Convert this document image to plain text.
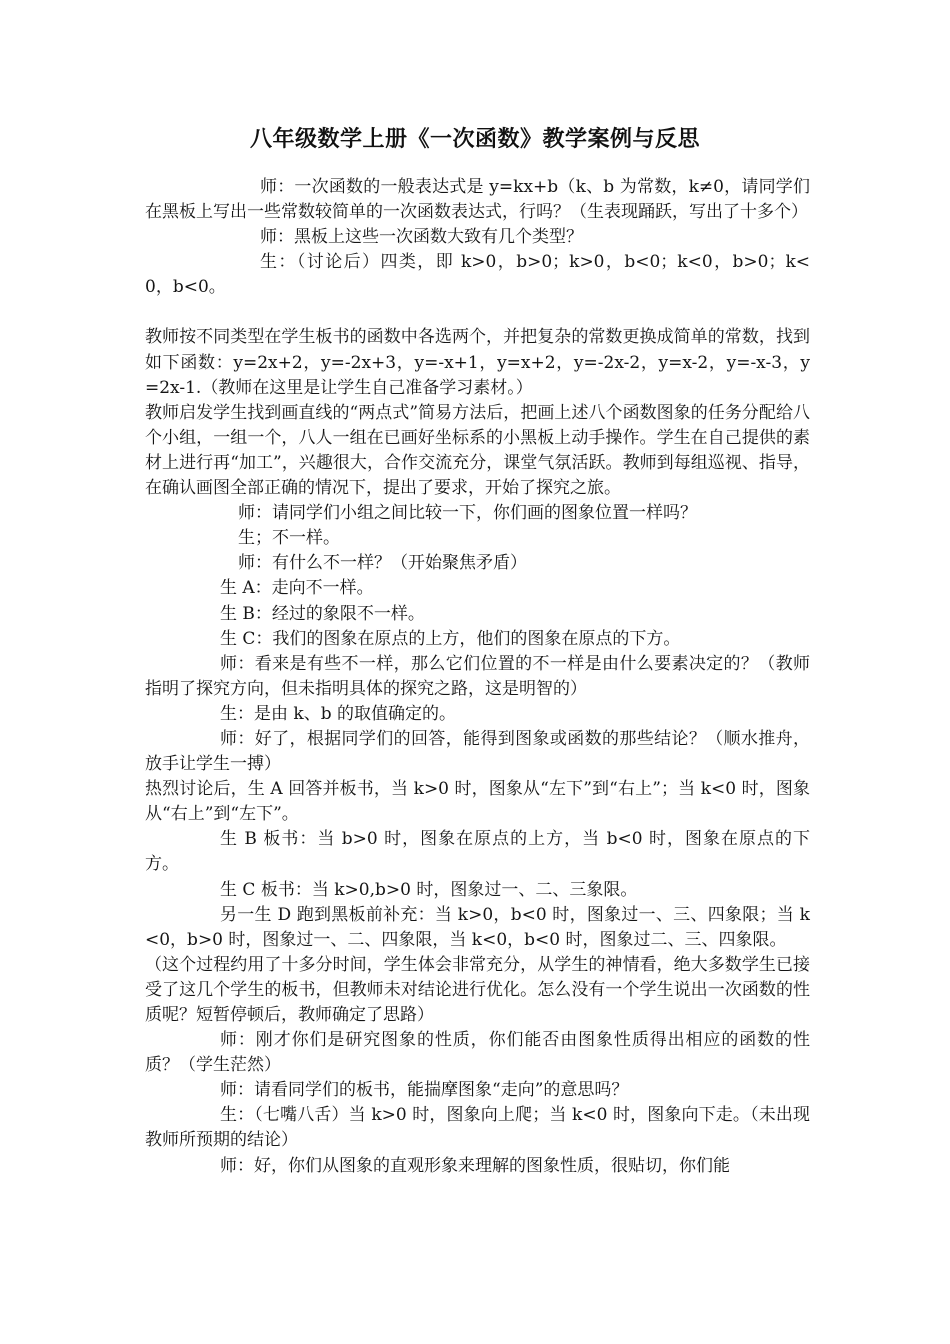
八年级数学上册《一次函数》教学案例与反思

师：一次函数的一般表达式是 y=kx+b（k、b 为常数，k≠0，请同学们在黑板上写出一些常数较简单的一次函数表达式，行吗？（生表现踊跃，写出了十多个）

师：黑板上这些一次函数大致有几个类型？

生：（讨论后）四类，即 k>0，b>0；k>0，b<0；k<0，b>0；k<0，b<0。

教师按不同类型在学生板书的函数中各选两个，并把复杂的常数更换成简单的常数，找到如下函数：y=2x+2，y=-2x+3，y=-x+1，y=x+2，y=-2x-2，y=x-2，y=-x-3，y=2x-1.（教师在这里是让学生自己准备学习素材。）

教师启发学生找到画直线的“两点式”简易方法后，把画上述八个函数图象的任务分配给八个小组，一组一个，八人一组在已画好坐标系的小黑板上动手操作。学生在自己提供的素材上进行再“加工”，兴趣很大，合作交流充分，课堂气氛活跃。教师到每组巡视、指导，在确认画图全部正确的情况下，提出了要求，开始了探究之旅。

师：请同学们小组之间比较一下，你们画的图象位置一样吗？

生；不一样。

师：有什么不一样？（开始聚焦矛盾）

生 A：走向不一样。

生 B：经过的象限不一样。

生 C：我们的图象在原点的上方，他们的图象在原点的下方。

师：看来是有些不一样，那么它们位置的不一样是由什么要素决定的？（教师指明了探究方向，但未指明具体的探究之路，这是明智的）

生：是由 k、b 的取值确定的。

师：好了，根据同学们的回答，能得到图象或函数的那些结论？（顺水推舟，放手让学生一搏）

热烈讨论后，生 A 回答并板书，当 k>0 时，图象从“左下”到“右上”；当 k<0 时，图象从“右上”到“左下”。

生 B 板书：当 b>0 时，图象在原点的上方，当 b<0 时，图象在原点的下方。

生 C 板书：当 k>0,b>0 时，图象过一、二、三象限。

另一生 D 跑到黑板前补充：当 k>0，b<0 时，图象过一、三、四象限；当 k<0，b>0 时，图象过一、二、四象限，当 k<0，b<0 时，图象过二、三、四象限。

（这个过程约用了十多分时间，学生体会非常充分，从学生的神情看，绝大多数学生已接受了这几个学生的板书，但教师未对结论进行优化。怎么没有一个学生说出一次函数的性质呢？短暂停顿后，教师确定了思路）

师：刚才你们是研究图象的性质，你们能否由图象性质得出相应的函数的性质？（学生茫然）

师：请看同学们的板书，能揣摩图象“走向”的意思吗？

生：（七嘴八舌）当 k>0 时，图象向上爬；当 k<0 时，图象向下走。（未出现教师所预期的结论）

师：好，你们从图象的直观形象来理解的图象性质，很贴切，你们能
